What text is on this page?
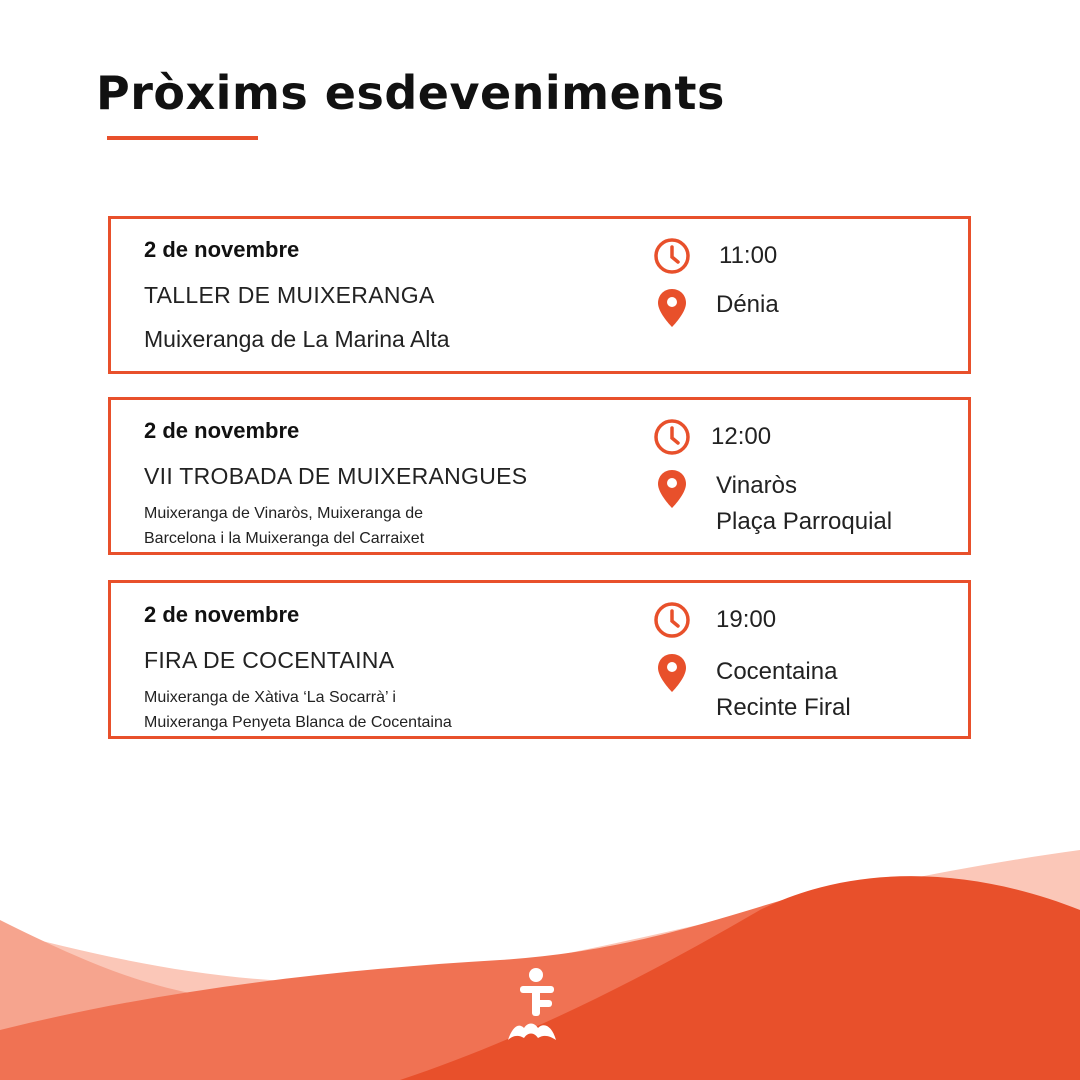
Pròxims esdeveniments
2 de novembre
TALLER DE MUIXERANGA
Muixeranga de La Marina Alta
11:00
Dénia
2 de novembre
VII TROBADA DE MUIXERANGUES
Muixeranga de Vinaròs, Muixeranga de
Barcelona i la Muixeranga del Carraixet
12:00
Vinaròs
Plaça Parroquial
2 de novembre
FIRA DE COCENTAINA
Muixeranga de Xàtiva ‘La Socarrà’ i
Muixeranga Penyeta Blanca de Cocentaina
19:00
Cocentaina
Recinte Firal
